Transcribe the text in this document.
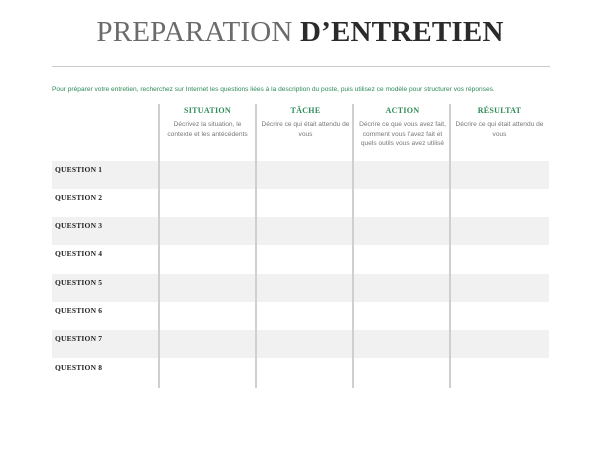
PREPARATION D’ENTRETIEN
Pour préparer votre entretien, recherchez sur Internet les questions liées à la description du poste, puis utilisez ce modèle pour structurer vos réponses.
QUESTION 1
QUESTION 2
QUESTION 3
QUESTION 4
QUESTION 5
QUESTION 6
QUESTION 7
QUESTION 8
SITUATION
Décrivez la situation, le contexte et les antécédents
TÂCHE
Décrire ce qui était attendu de vous
ACTION
Décrire ce que vous avez fait, comment vous l’avez fait et quels outils vous avez utilisé
RÉSULTAT
Décrire ce qui était attendu de vous
